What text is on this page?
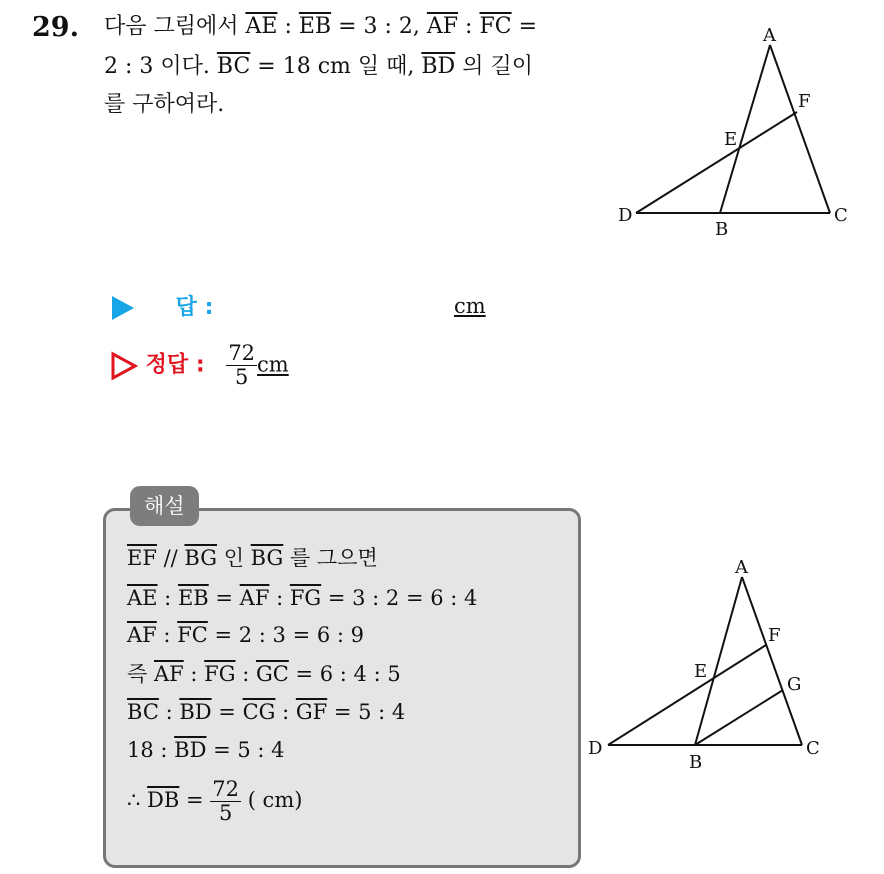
29. 다음 그림에서 $\overline{AE}$ : $\overline{EB} = 3$ : 2, $\overline{AF}$ : $\overline{FC}$ =
2 : 3 이다. $\overline{BC} = 18$ cm 일 때, $\overline{BD}$ 의 길이
를 구하여라.
A
F
E
D
B
C
답 :	cm
정답 : $\frac{72}{5}$ cm
해설
$\overline{EF} // \overline{BG}$ 인 $\overline{BG}$ 를 그으면
$\overline{AE}$ : $\overline{EB} = \overline{AF}$ : $\overline{FG} = 3$ : 2 = 6 : 4
$\overline{AF}$ : $\overline{FC} = 2$ : 3 = 6 : 9
즉 $\overline{AF}$ : $\overline{FG}$ : $\overline{GC} = 6$ : 4 : 5
$\overline{BC}$ : $\overline{BD} = \overline{CG}$ : $\overline{GF} = 5$ : 4
18 : $\overline{BD} = 5$ : 4
∴ $\overline{DB} = \frac{72}{5}$ ( cm)
A
F
E
G
D
B
C
